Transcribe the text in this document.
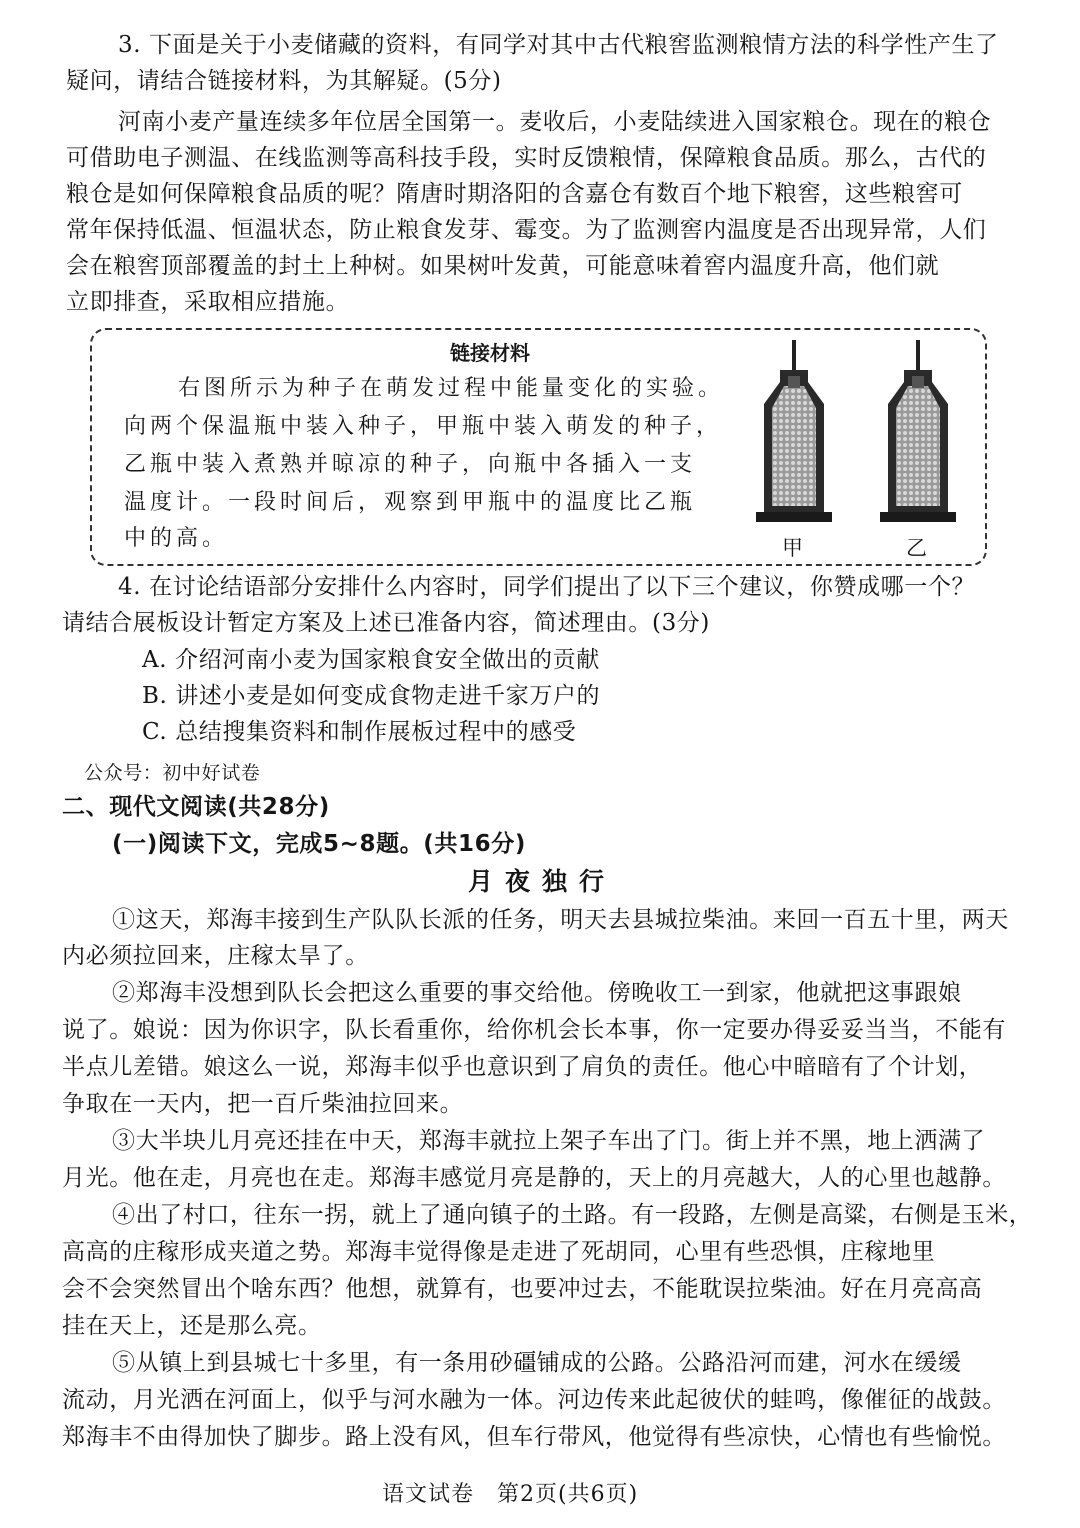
3. 下面是关于小麦储藏的资料，有同学对其中古代粮窖监测粮情方法的科学性产生了
疑问，请结合链接材料，为其解疑。(5分)
河南小麦产量连续多年位居全国第一。麦收后，小麦陆续进入国家粮仓。现在的粮仓
可借助电子测温、在线监测等高科技手段，实时反馈粮情，保障粮食品质。那么，古代的
粮仓是如何保障粮食品质的呢？隋唐时期洛阳的含嘉仓有数百个地下粮窖，这些粮窖可
常年保持低温、恒温状态，防止粮食发芽、霉变。为了监测窖内温度是否出现异常，人们
会在粮窖顶部覆盖的封土上种树。如果树叶发黄，可能意味着窖内温度升高，他们就
立即排查，采取相应措施。
链接材料
右图所示为种子在萌发过程中能量变化的实验。
向两个保温瓶中装入种子，甲瓶中装入萌发的种子，
乙瓶中装入煮熟并晾凉的种子，向瓶中各插入一支
温度计。一段时间后，观察到甲瓶中的温度比乙瓶
中的高。	甲	乙
4. 在讨论结语部分安排什么内容时，同学们提出了以下三个建议，你赞成哪一个？
请结合展板设计暂定方案及上述已准备内容，简述理由。(3分)
A. 介绍河南小麦为国家粮食安全做出的贡献
B. 讲述小麦是如何变成食物走进千家万户的
C. 总结搜集资料和制作展板过程中的感受
公众号：初中好试卷
二、现代文阅读(共28分)
(一)阅读下文，完成5~8题。(共16分)
月夜独行
①这天，郑海丰接到生产队队长派的任务，明天去县城拉柴油。来回一百五十里，两天
内必须拉回来，庄稼太旱了。
②郑海丰没想到队长会把这么重要的事交给他。傍晚收工一到家，他就把这事跟娘
说了。娘说：因为你识字，队长看重你，给你机会长本事，你一定要办得妥妥当当，不能有
半点儿差错。娘这么一说，郑海丰似乎也意识到了肩负的责任。他心中暗暗有了个计划，
争取在一天内，把一百斤柴油拉回来。
③大半块儿月亮还挂在中天，郑海丰就拉上架子车出了门。街上并不黑，地上洒满了
月光。他在走，月亮也在走。郑海丰感觉月亮是静的，天上的月亮越大，人的心里也越静。
④出了村口，往东一拐，就上了通向镇子的土路。有一段路，左侧是高粱，右侧是玉米，
高高的庄稼形成夹道之势。郑海丰觉得像是走进了死胡同，心里有些恐惧，庄稼地里
会不会突然冒出个啥东西？他想，就算有，也要冲过去，不能耽误拉柴油。好在月亮高高
挂在天上，还是那么亮。
⑤从镇上到县城七十多里，有一条用砂礓铺成的公路。公路沿河而建，河水在缓缓
流动，月光洒在河面上，似乎与河水融为一体。河边传来此起彼伏的蛙鸣，像催征的战鼓。
郑海丰不由得加快了脚步。路上没有风，但车行带风，他觉得有些凉快，心情也有些愉悦。
语文试卷　第2页(共6页)
